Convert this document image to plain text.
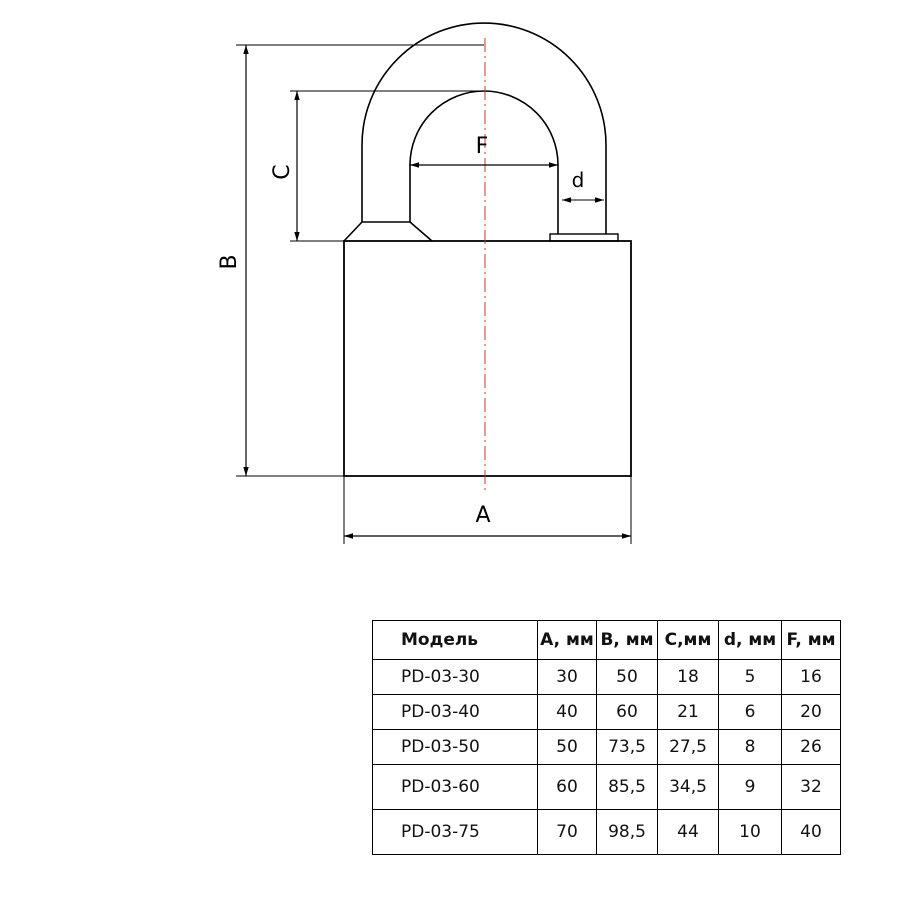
B
C
A
F
d
Модель	A, мм	B, мм	C,мм	d, мм	F, мм
PD-03-30	30	50	18	5	16
PD-03-40	40	60	21	6	20
PD-03-50	50	73,5	27,5	8	26
PD-03-60	60	85,5	34,5	9	32
PD-03-75	70	98,5	44	10	40
